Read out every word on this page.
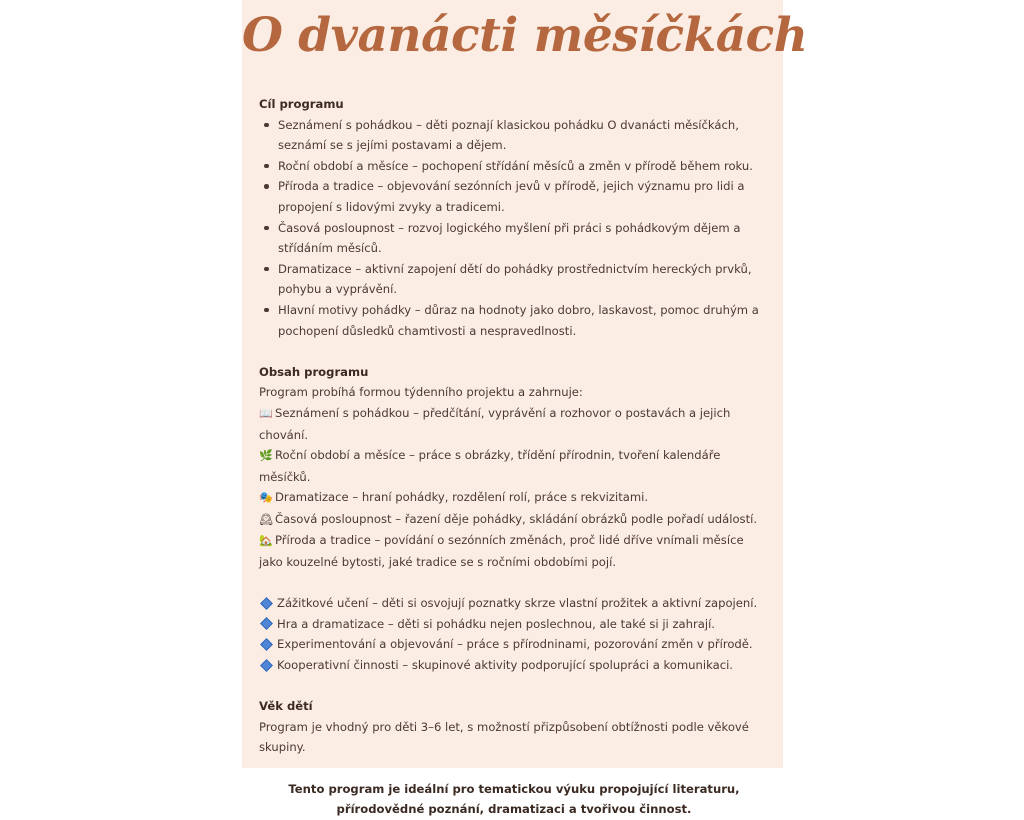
O dvanácti měsíčkách
Cíl programu
Seznámení s pohádkou – děti poznají klasickou pohádku O dvanácti měsíčkách, seznámí se s jejími postavami a dějem.
Roční období a měsíce – pochopení střídání měsíců a změn v přírodě během roku.
Příroda a tradice – objevování sezónních jevů v přírodě, jejich významu pro lidi a propojení s lidovými zvyky a tradicemi.
Časová posloupnost – rozvoj logického myšlení při práci s pohádkovým dějem a střídáním měsíců.
Dramatizace – aktivní zapojení dětí do pohádky prostřednictvím hereckých prvků, pohybu a vyprávění.
Hlavní motivy pohádky – důraz na hodnoty jako dobro, laskavost, pomoc druhým a pochopení důsledků chamtivosti a nespravedlnosti.
Obsah programu
Program probíhá formou týdenního projektu a zahrnuje:
📖 Seznámení s pohádkou – předčítání, vyprávění a rozhovor o postavách a jejich chování.
🌿 Roční období a měsíce – práce s obrázky, třídění přírodnin, tvoření kalendáře měsíčků.
🎭 Dramatizace – hraní pohádky, rozdělení rolí, práce s rekvizitami.
🕰 Časová posloupnost – řazení děje pohádky, skládání obrázků podle pořadí událostí.
🏡 Příroda a tradice – povídání o sezónních změnách, proč lidé dříve vnímali měsíce jako kouzelné bytosti, jaké tradice se s ročními obdobími pojí.
Zážitkové učení – děti si osvojují poznatky skrze vlastní prožitek a aktivní zapojení.
Hra a dramatizace – děti si pohádku nejen poslechnou, ale také si ji zahrají.
Experimentování a objevování – práce s přírodninami, pozorování změn v přírodě.
Kooperativní činnosti – skupinové aktivity podporující spolupráci a komunikaci.
Věk dětí
Program je vhodný pro děti 3–6 let, s možností přizpůsobení obtížnosti podle věkové skupiny.
Tento program je ideální pro tematickou výuku propojující literaturu, přírodovědné poznání, dramatizaci a tvořivou činnost.
